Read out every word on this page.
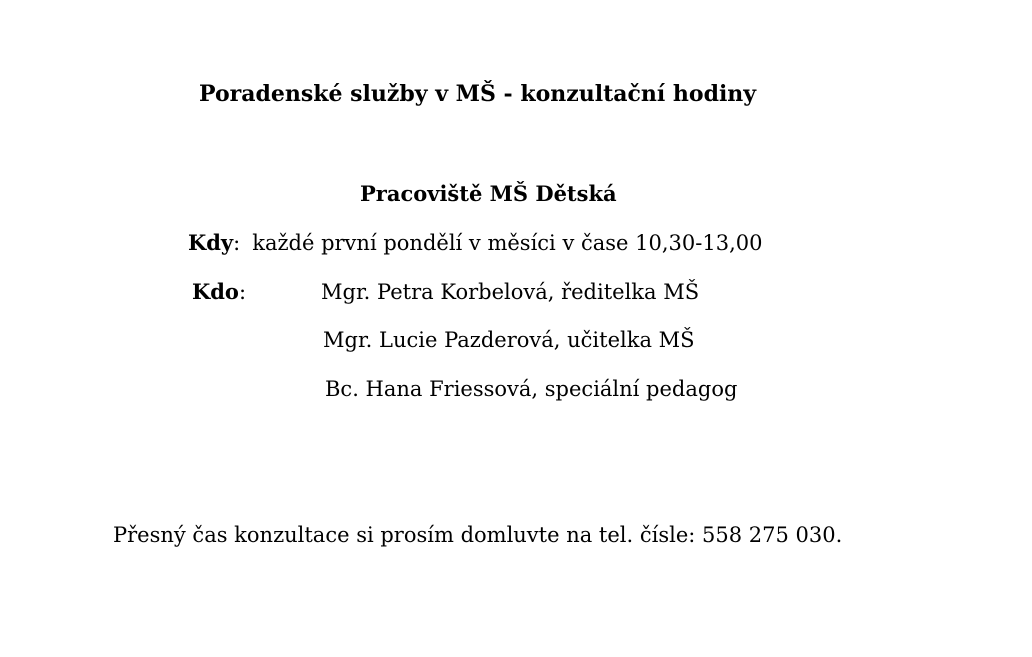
Poradenské služby v MŠ - konzultační hodiny
Pracoviště MŠ Dětská
Kdy: každé první pondělí v měsíci v čase 10,30-13,00
Kdo:	Mgr. Petra Korbelová, ředitelka MŠ
Mgr. Lucie Pazderová, učitelka MŠ
Bc. Hana Friessová, speciální pedagog
Přesný čas konzultace si prosím domluvte na tel. čísle: 558 275 030.
